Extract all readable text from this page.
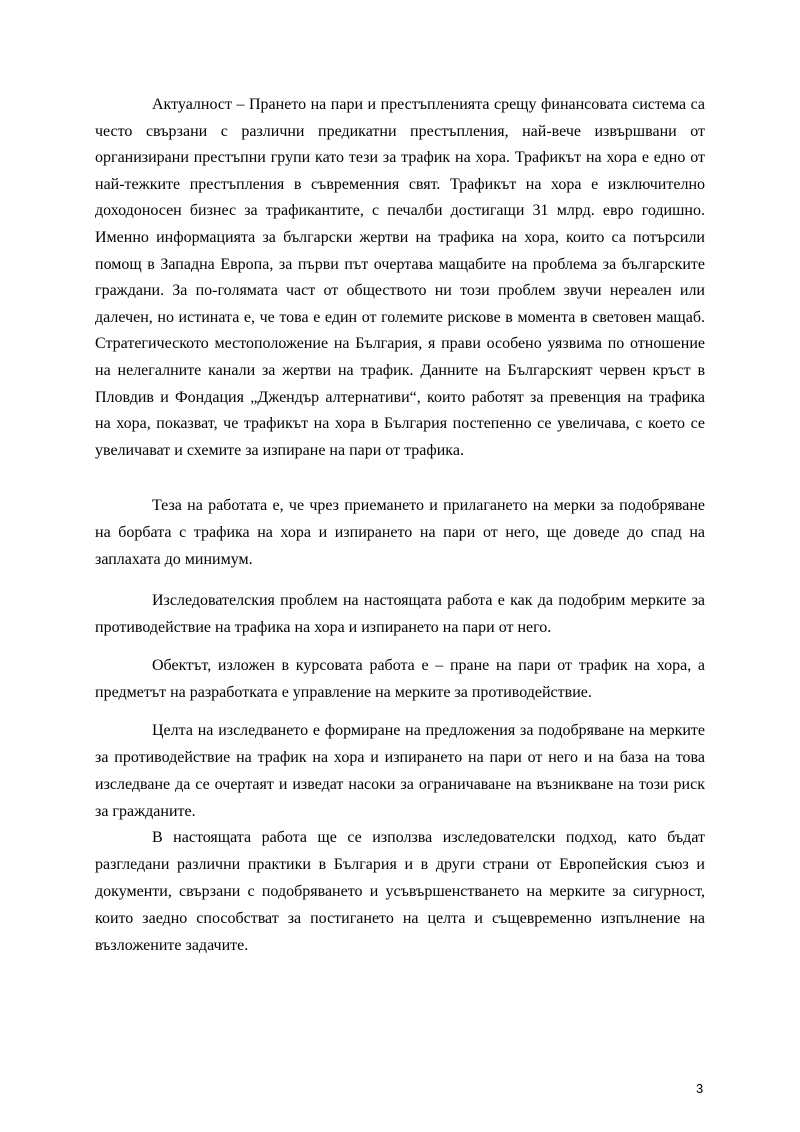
Актуалност – Прането на пари и престъпленията срещу финансовата система са
често свързани с различни предикатни престъпления, най-вече извършвани от
организирани престъпни групи като тези за трафик на хора. Трафикът на хора е едно от
най-тежките престъпления в съвременния свят. Трафикът на хора е изключително
доходоносен бизнес за трафикантите, с печалби достигащи 31 млрд. евро годишно.
Именно информацията за български жертви на трафика на хора, които са потърсили
помощ в Западна Европа, за първи път очертава мащабите на проблема за българските
граждани. За по-голямата част от обществото ни този проблем звучи нереален или
далечен, но истината е, че това е един от големите рискове в момента в световен мащаб.
Стратегическото местоположение на България, я прави особено уязвима по отношение
на нелегалните канали за жертви на трафик. Данните на Българският червен кръст в
Пловдив и Фондация „Джендър алтернативи“, които работят за превенция на трафика
на хора, показват, че трафикът на хора в България постепенно се увеличава, с което се
увеличават и схемите за изпиране на пари от трафика.
Теза на работата е, че чрез приемането и прилагането на мерки за подобряване
на борбата с трафика на хора и изпирането на пари от него, ще доведе до спад на
заплахата до минимум.
Изследователския проблем на настоящата работа е как да подобрим мерките за
противодействие на трафика на хора и изпирането на пари от него.
Обектът, изложен в курсовата работа е – пране на пари от трафик на хора, а
предметът на разработката е управление на мерките за противодействие.
Целта на изследването е формиране на предложения за подобряване на мерките
за противодействие на трафик на хора и изпирането на пари от него и на база на това
изследване да се очертаят и изведат насоки за ограничаване на възникване на този риск
за гражданите.
В настоящата работа ще се използва изследователски подход, като бъдат
разгледани различни практики в България и в други страни от Европейския съюз и
документи, свързани с подобряването и усъвършенстването на мерките за сигурност,
които заедно способстват за постигането на целта и същевременно изпълнение на
възложените задачите.
3
